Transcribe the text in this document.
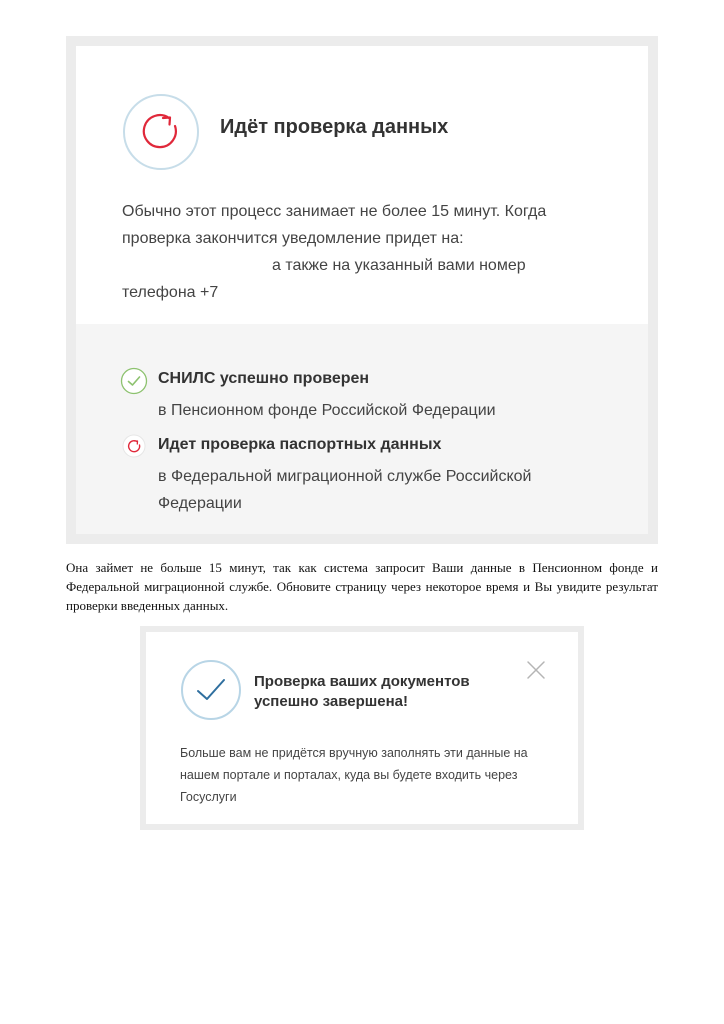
Идёт проверка данных

Обычно этот процесс занимает не более 15 минут. Когда

проверка закончится уведомление придет на:

а также на указанный вами номер

телефона +7

СНИЛС успешно проверен

в Пенсионном фонде Российской Федерации

Идет проверка паспортных данных

в Федеральной миграционной службе Российской
Федерации

Она займет не больше 15 минут, так как система запросит Ваши данные в Пенсионном фонде и Федеральной миграционной службе. Обновите страницу через некоторое время и Вы увидите результат проверки введенных данных.

Проверка ваших документов успешно завершена!

Больше вам не придётся вручную заполнять эти данные на нашем портале и порталах, куда вы будете входить через Госуслуги
